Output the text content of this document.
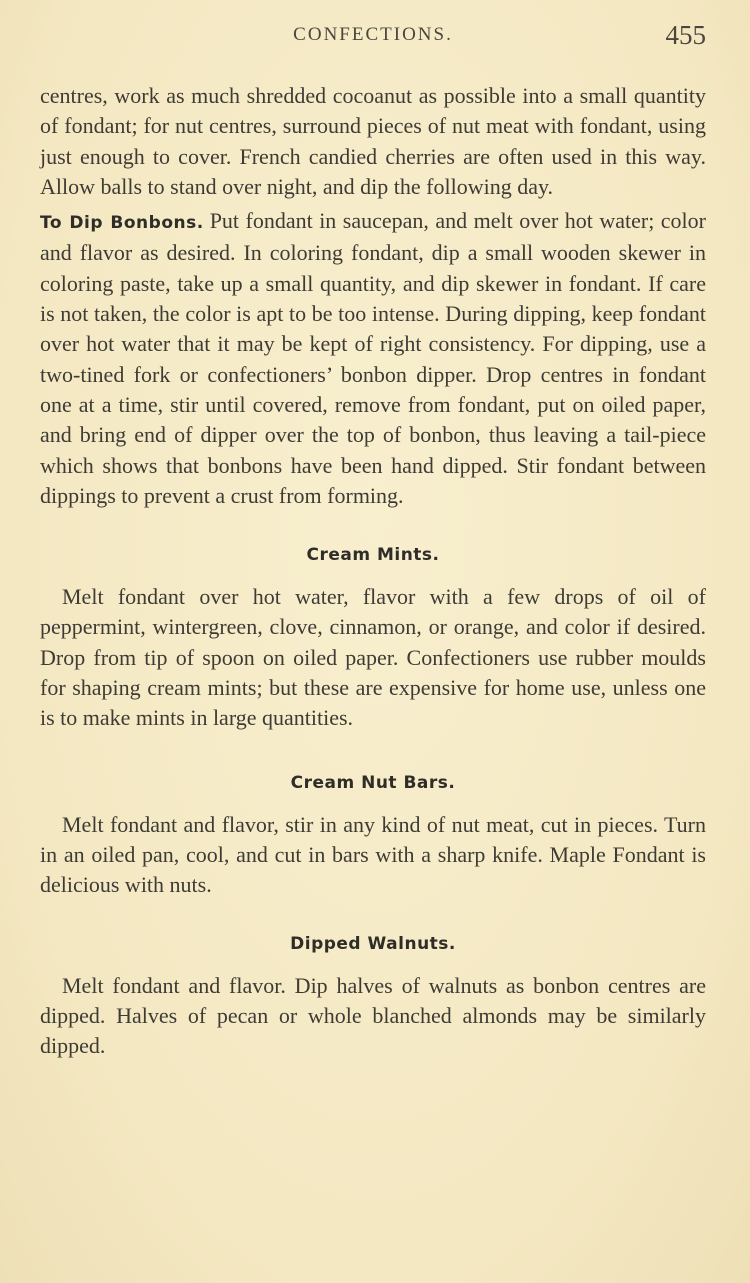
CONFECTIONS.	455

centres, work as much shredded cocoanut as possible into a small quantity of fondant; for nut centres, surround pieces of nut meat with fondant, using just enough to cover. French candied cherries are often used in this way. Allow balls to stand over night, and dip the following day.

To Dip Bonbons. Put fondant in saucepan, and melt over hot water; color and flavor as desired. In coloring fondant, dip a small wooden skewer in coloring paste, take up a small quantity, and dip skewer in fondant. If care is not taken, the color is apt to be too intense. During dipping, keep fondant over hot water that it may be kept of right consistency. For dipping, use a two-tined fork or confectioners’ bonbon dipper. Drop centres in fondant one at a time, stir until covered, remove from fondant, put on oiled paper, and bring end of dipper over the top of bonbon, thus leaving a tail-piece which shows that bonbons have been hand dipped. Stir fondant between dippings to prevent a crust from forming.

Cream Mints.

Melt fondant over hot water, flavor with a few drops of oil of peppermint, wintergreen, clove, cinnamon, or orange, and color if desired. Drop from tip of spoon on oiled paper. Confectioners use rubber moulds for shaping cream mints; but these are expensive for home use, unless one is to make mints in large quantities.

Cream Nut Bars.

Melt fondant and flavor, stir in any kind of nut meat, cut in pieces. Turn in an oiled pan, cool, and cut in bars with a sharp knife. Maple Fondant is delicious with nuts.

Dipped Walnuts.

Melt fondant and flavor. Dip halves of walnuts as bonbon centres are dipped. Halves of pecan or whole blanched almonds may be similarly dipped.
